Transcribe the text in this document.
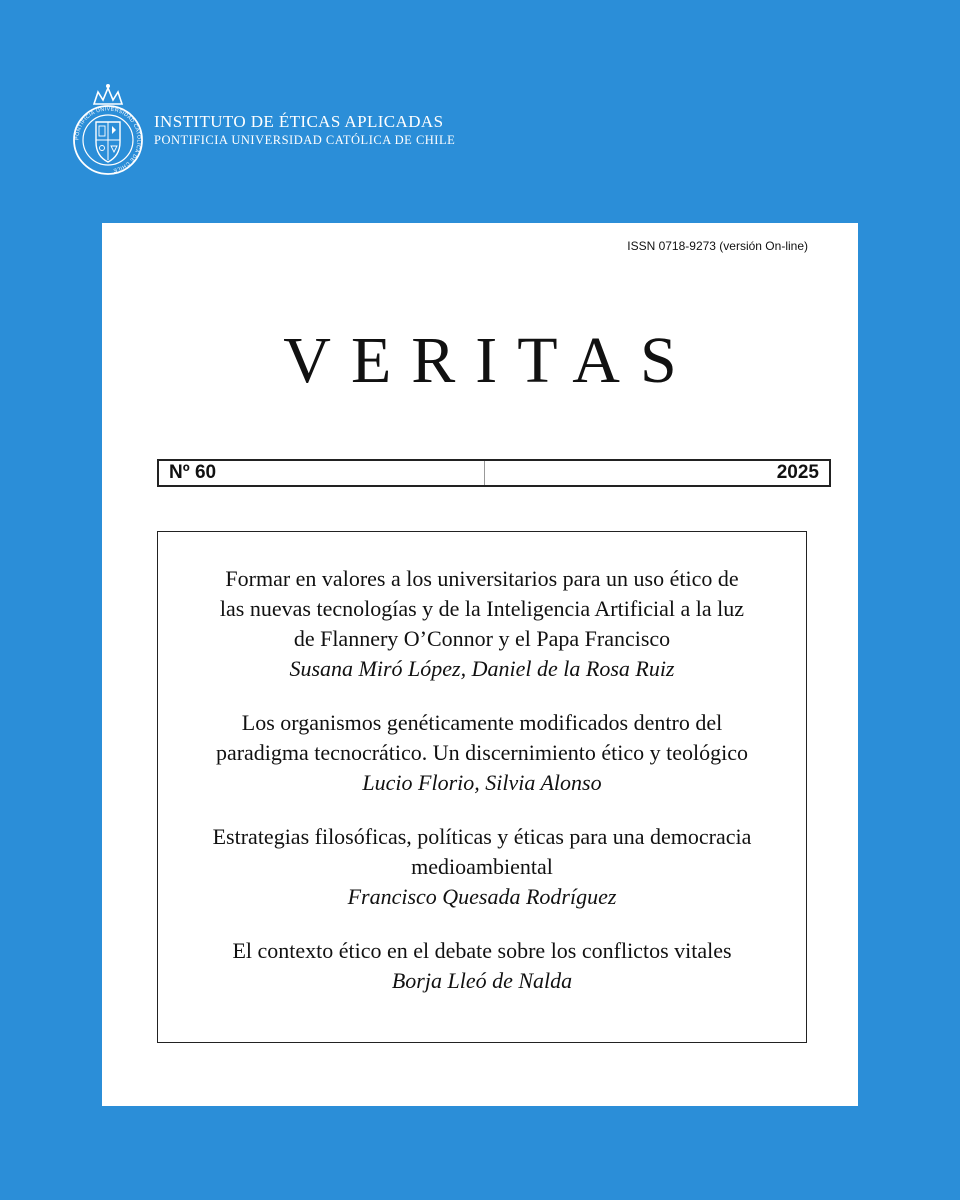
PONTIFICIA UNIVERSIDAD CATOLICA DE CHILE
INSTITUTO DE ÉTICAS APLICADAS
PONTIFICIA UNIVERSIDAD CATÓLICA DE CHILE
ISSN 0718-9273 (versión On-line)
VERITAS
Nº 60	2025
Formar en valores a los universitarios para un uso ético de
las nuevas tecnologías y de la Inteligencia Artificial a la luz
de Flannery O’Connor y el Papa Francisco
Susana Miró López, Daniel de la Rosa Ruiz
Los organismos genéticamente modificados dentro del
paradigma tecnocrático. Un discernimiento ético y teológico
Lucio Florio, Silvia Alonso
Estrategias filosóficas, políticas y éticas para una democracia
medioambiental
Francisco Quesada Rodríguez
El contexto ético en el debate sobre los conflictos vitales
Borja Lleó de Nalda
